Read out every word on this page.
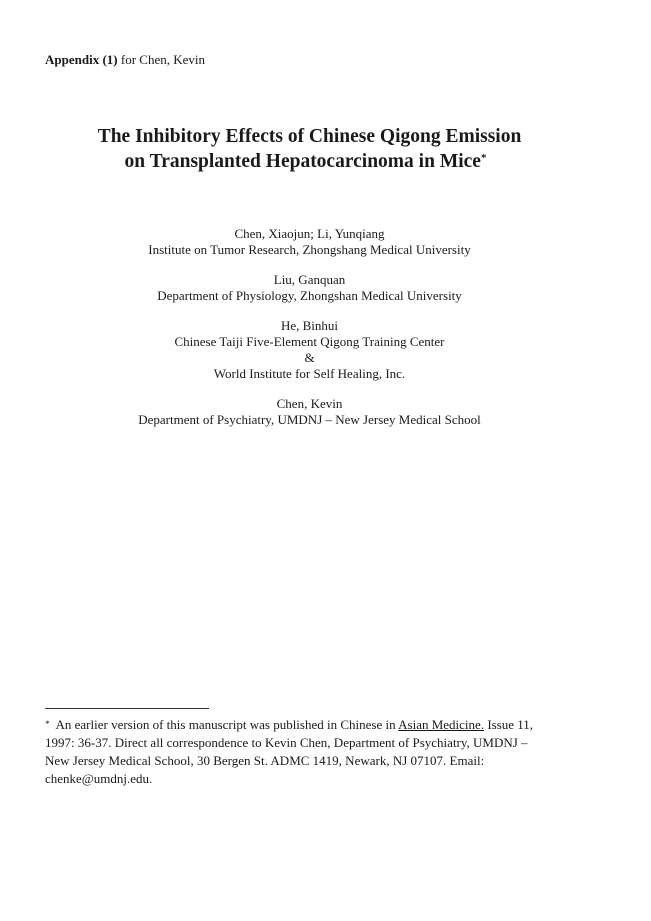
Appendix (1) for Chen, Kevin
The Inhibitory Effects of Chinese Qigong Emission
on Transplanted Hepatocarcinoma in Mice*
Chen, Xiaojun; Li, Yunqiang
Institute on Tumor Research, Zhongshang Medical University
Liu, Ganquan
Department of Physiology, Zhongshan Medical University
He, Binhui
Chinese Taiji Five-Element Qigong Training Center
&
World Institute for Self Healing, Inc.
Chen, Kevin
Department of Psychiatry, UMDNJ – New Jersey Medical School
* An earlier version of this manuscript was published in Chinese in Asian Medicine. Issue 11,
1997: 36-37. Direct all correspondence to Kevin Chen, Department of Psychiatry, UMDNJ –
New Jersey Medical School, 30 Bergen St. ADMC 1419, Newark, NJ 07107. Email:
chenke@umdnj.edu.
